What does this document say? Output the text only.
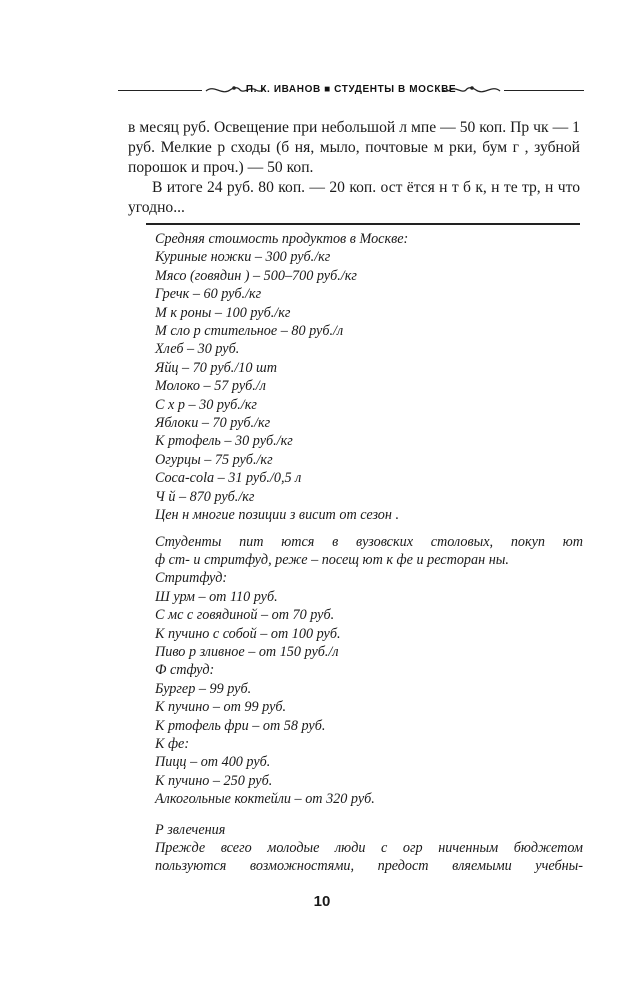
П. К. ИВАНОВ ■ СТУДЕНТЫ В МОСКВЕ

в месяц руб. Освещение при небольшой л мпе — 50 коп. Пр чк — 1 руб. Мелкие р сходы (б ня, мыло, почтовые м рки, бум г , зубной порошок и проч.) — 50 коп.

В итоге 24 руб. 80 коп. — 20 коп. ост ётся н т б к, н те тр, н что угодно...

Средняя стоимость продуктов в Москве:
Куриные ножки – 300 руб./кг
Мясо (говядин ) – 500–700 руб./кг
Гречк – 60 руб./кг
М к роны – 100 руб./кг
М сло р стительное – 80 руб./л
Хлеб – 30 руб.
Яйц – 70 руб./10 шт
Молоко – 57 руб./л
С х р – 30 руб./кг
Яблоки – 70 руб./кг
К ртофель – 30 руб./кг
Огурцы – 75 руб./кг
Coca-cola – 31 руб./0,5 л
Ч й – 870 руб./кг
Цен н многие позиции з висит от сезон .
Студенты пит ются в вузовских столовых, покуп ют
ф ст- и стритфуд, реже – посещ ют к фе и ресторан ны.
Стритфуд:
Ш урм – от 110 руб.
С мс с говядиной – от 70 руб.
К пучино с собой – от 100 руб.
Пиво р зливное – от 150 руб./л
Ф стфуд:
Бургер – 99 руб.
К пучино – от 99 руб.
К ртофель фри – от 58 руб.
К фе:
Пицц – от 400 руб.
К пучино – 250 руб.
Алкогольные коктейли – от 320 руб.
Р звлечения
Прежде всего молодые люди с огр ниченным бюджетом
пользуются возможностями, предост вляемыми учебны-
10
